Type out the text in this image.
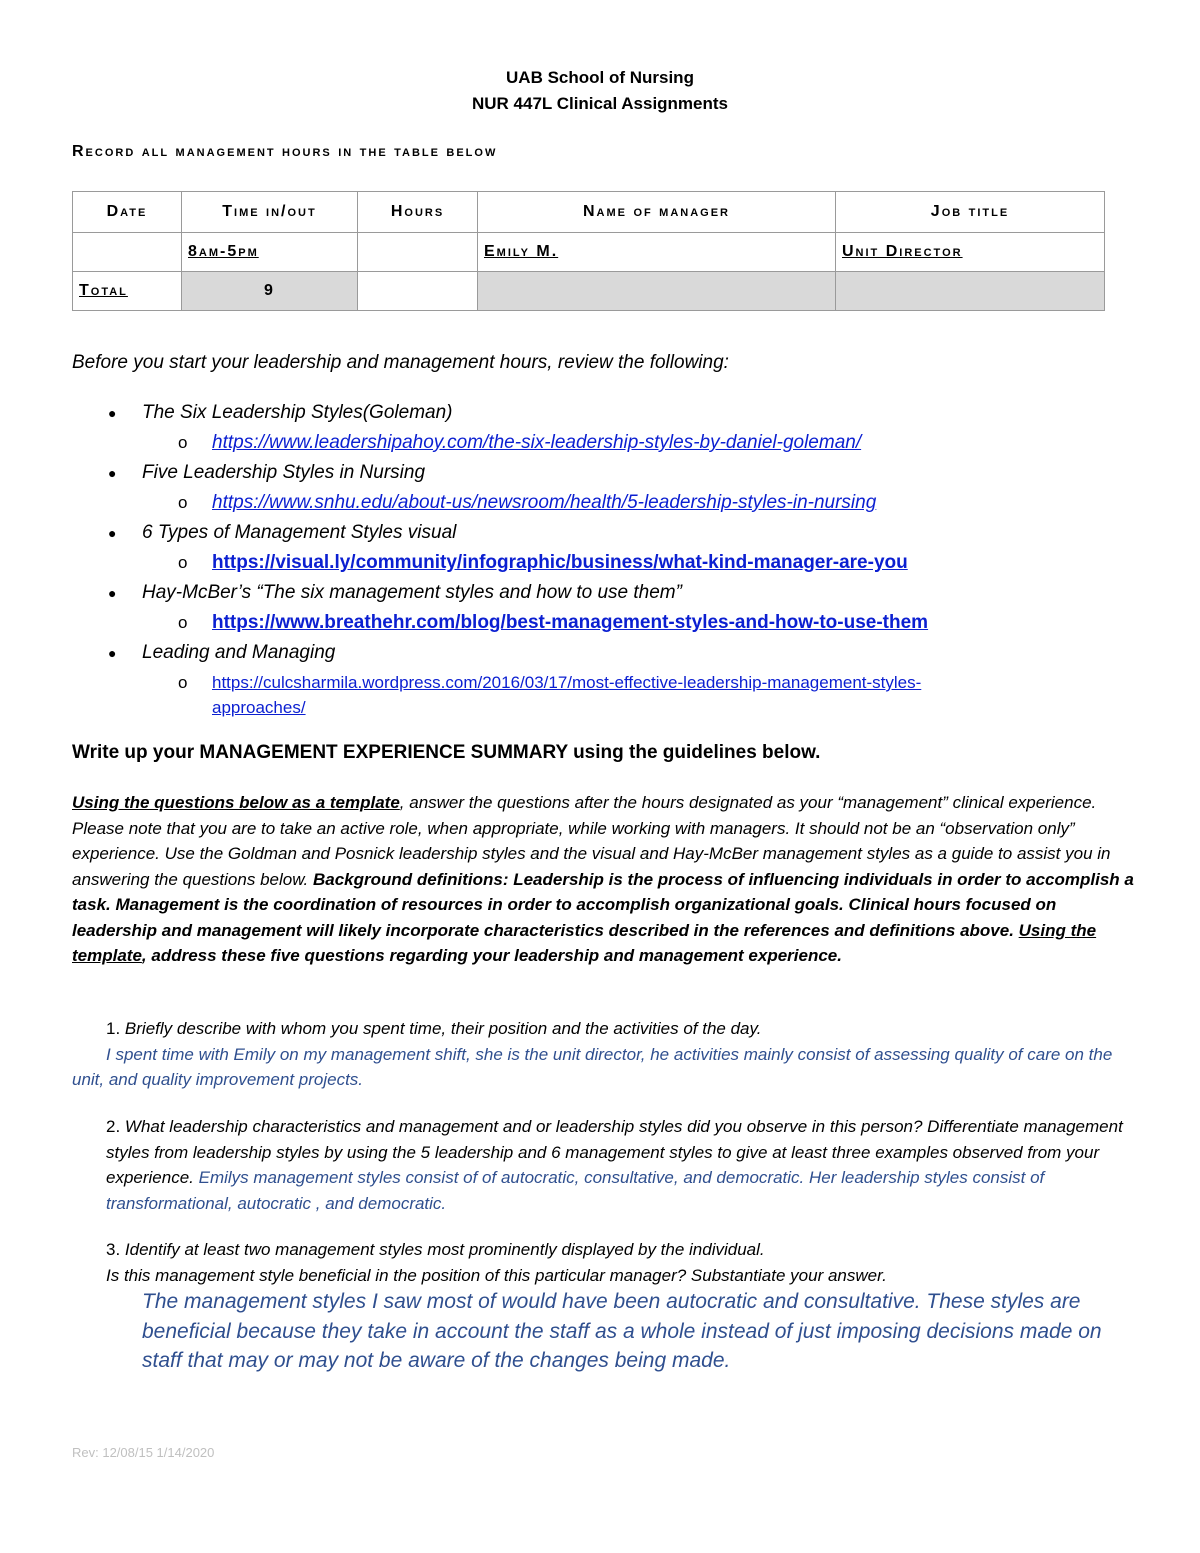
UAB School of Nursing
NUR 447L Clinical Assignments
Record all management hours in the table below
Date	Time in/out	Hours	Name of manager	Job title
	8am-5pm		Emily M.	Unit Director
Total	9			
Before you start your leadership and management hours, review the following:
● The Six Leadership Styles(Goleman)
o https://www.leadershipahoy.com/the-six-leadership-styles-by-daniel-goleman/
● Five Leadership Styles in Nursing
o https://www.snhu.edu/about-us/newsroom/health/5-leadership-styles-in-nursing
● 6 Types of Management Styles visual
o https://visual.ly/community/infographic/business/what-kind-manager-are-you
● Hay-McBer’s “The six management styles and how to use them”
o https://www.breathehr.com/blog/best-management-styles-and-how-to-use-them
● Leading and Managing
o https://culcsharmila.wordpress.com/2016/03/17/most-effective-leadership-management-styles-
approaches/
Write up your MANAGEMENT EXPERIENCE SUMMARY using the guidelines below.
Using the questions below as a template, answer the questions after the hours designated as your “management” clinical experience. Please note that you are to take an active role, when appropriate, while working with managers. It should not be an “observation only” experience. Use the Goldman and Posnick leadership styles and the visual and Hay-McBer management styles as a guide to assist you in answering the questions below. Background definitions: Leadership is the process of influencing individuals in order to accomplish a task. Management is the coordination of resources in order to accomplish organizational goals. Clinical hours focused on leadership and management will likely incorporate characteristics described in the references and definitions above. Using the template, address these five questions regarding your leadership and management experience.
1. Briefly describe with whom you spent time, their position and the activities of the day.
I spent time with Emily on my management shift, she is the unit director, he activities mainly consist of assessing quality of care on the unit, and quality improvement projects.
2. What leadership characteristics and management and or leadership styles did you observe in this person? Differentiate management styles from leadership styles by using the 5 leadership and 6 management styles to give at least three examples observed from your experience. Emilys management styles consist of of autocratic, consultative, and democratic. Her leadership styles consist of transformational, autocratic , and democratic.
3. Identify at least two management styles most prominently displayed by the individual.
Is this management style beneficial in the position of this particular manager? Substantiate your answer.
The management styles I saw most of would have been autocratic and consultative. These styles are beneficial because they take in account the staff as a whole instead of just imposing decisions made on staff that may or may not be aware of the changes being made.
Rev: 12/08/15 1/14/2020
